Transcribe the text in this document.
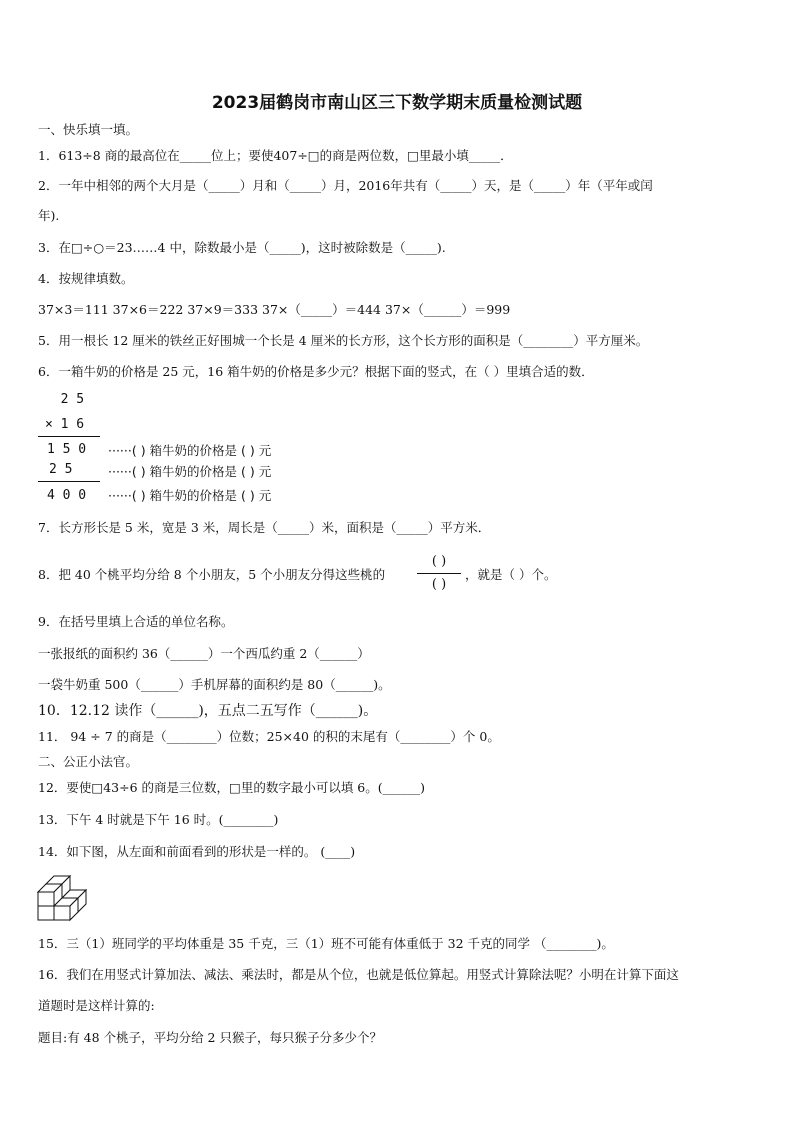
2023届鹤岗市南山区三下数学期末质量检测试题
一、快乐填一填。
1．613÷8 商的最高位在_____位上；要使407÷□的商是两位数，□里最小填_____．
2．一年中相邻的两个大月是（_____）月和（_____）月，2016年共有（_____）天，是（_____）年（平年或闰
年).
3．在□÷○＝23……4 中，除数最小是（_____)，这时被除数是（_____).
4．按规律填数。
37×3＝111 37×6＝222 37×9＝333 37×（_____）＝444 37×（______）＝999
5．用一根长 12 厘米的铁丝正好围城一个长是 4 厘米的长方形，这个长方形的面积是（________）平方厘米。
6．一箱牛奶的价格是 25 元，16 箱牛奶的价格是多少元？根据下面的竖式，在（ ）里填合适的数．
2 5
× 1 6
1 5 0
2 5
4 0 0
······( ) 箱牛奶的价格是 ( ) 元
······( ) 箱牛奶的价格是 ( ) 元
······( ) 箱牛奶的价格是 ( ) 元
7．长方形长是 5 米，宽是 3 米，周长是（_____）米，面积是（_____）平方米．
8．把 40 个桃平均分给 8 个小朋友，5 个小朋友分得这些桃的
( )
( )
，就是（ ）个。
9．在括号里填上合适的单位名称。
一张报纸的面积约 36（______）一个西瓜约重 2（______）
一袋牛奶重 500（______）手机屏幕的面积约是 80（______)。
10．12.12 读作（______)，五点二五写作（______)。
11． 94 ÷ 7 的商是（________）位数；25×40 的积的末尾有（________）个 0。
二、公正小法官。
12．要使□43÷6 的商是三位数，□里的数字最小可以填 6。(______)
13．下午 4 时就是下午 16 时。(________)
14．如下图，从左面和前面看到的形状是一样的。 (____)
15．三（1）班同学的平均体重是 35 千克，三（1）班不可能有体重低于 32 千克的同学 （________)。
16．我们在用竖式计算加法、减法、乘法时，都是从个位，也就是低位算起。用竖式计算除法呢？小明在计算下面这
道题时是这样计算的:
题目:有 48 个桃子，平均分给 2 只猴子，每只猴子分多少个？
